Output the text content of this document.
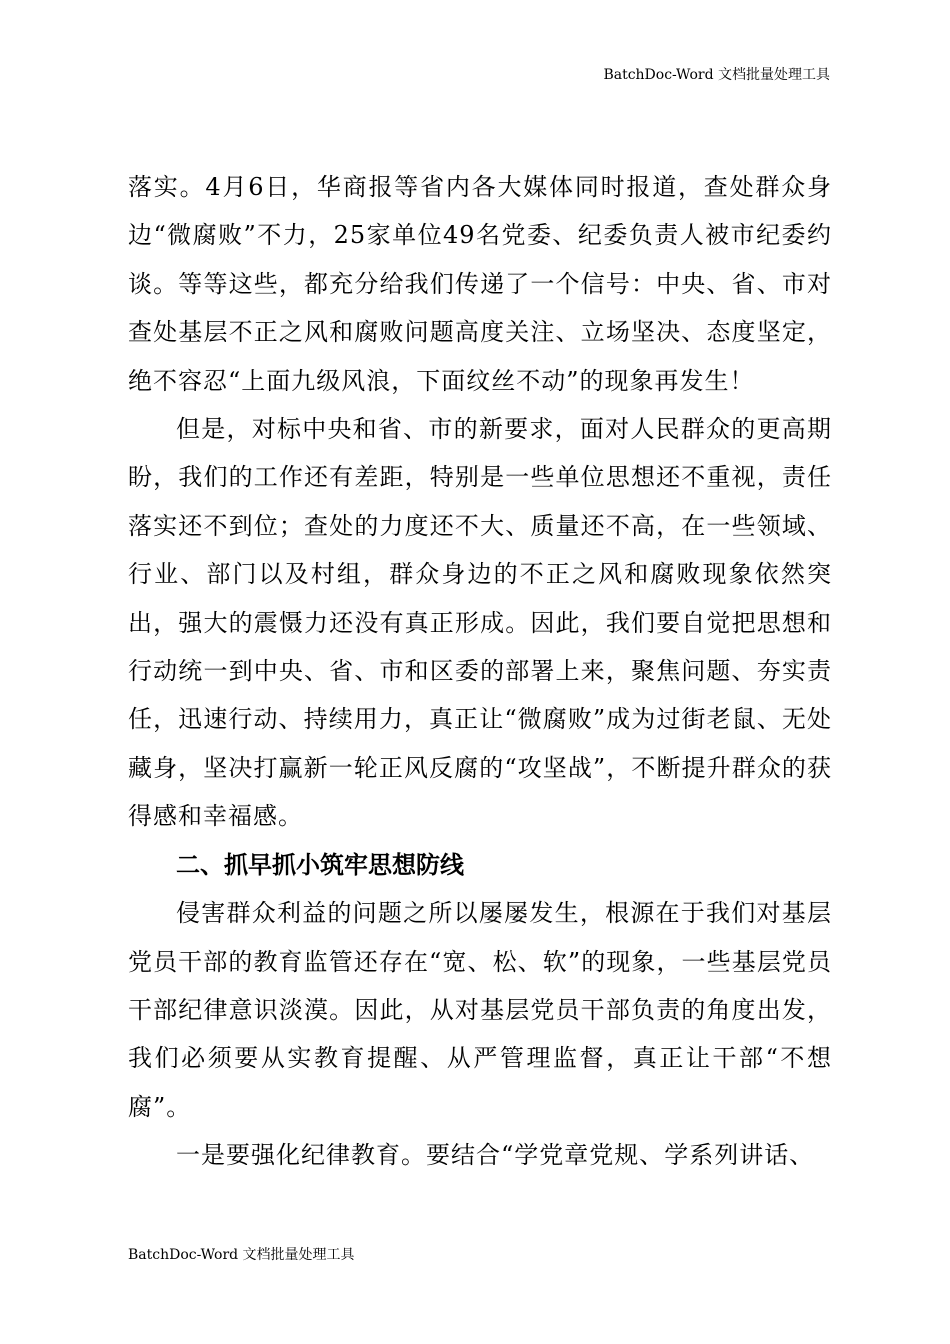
BatchDoc-Word 文档批量处理工具

落实。4月6日，华商报等省内各大媒体同时报道，查处群众身边“微腐败”不力，25家单位49名党委、纪委负责人被市纪委约谈。等等这些，都充分给我们传递了一个信号：中央、省、市对查处基层不正之风和腐败问题高度关注、立场坚决、态度坚定，绝不容忍“上面九级风浪，下面纹丝不动”的现象再发生！

但是，对标中央和省、市的新要求，面对人民群众的更高期盼，我们的工作还有差距，特别是一些单位思想还不重视，责任落实还不到位；查处的力度还不大、质量还不高，在一些领域、行业、部门以及村组，群众身边的不正之风和腐败现象依然突出，强大的震慑力还没有真正形成。因此，我们要自觉把思想和行动统一到中央、省、市和区委的部署上来，聚焦问题、夯实责任，迅速行动、持续用力，真正让“微腐败”成为过街老鼠、无处藏身，坚决打赢新一轮正风反腐的“攻坚战”，不断提升群众的获得感和幸福感。

二、抓早抓小筑牢思想防线

侵害群众利益的问题之所以屡屡发生，根源在于我们对基层党员干部的教育监管还存在“宽、松、软”的现象，一些基层党员干部纪律意识淡漠。因此，从对基层党员干部负责的角度出发，我们必须要从实教育提醒、从严管理监督，真正让干部“不想腐”。

一是要强化纪律教育。要结合“学党章党规、学系列讲话、

BatchDoc-Word 文档批量处理工具
